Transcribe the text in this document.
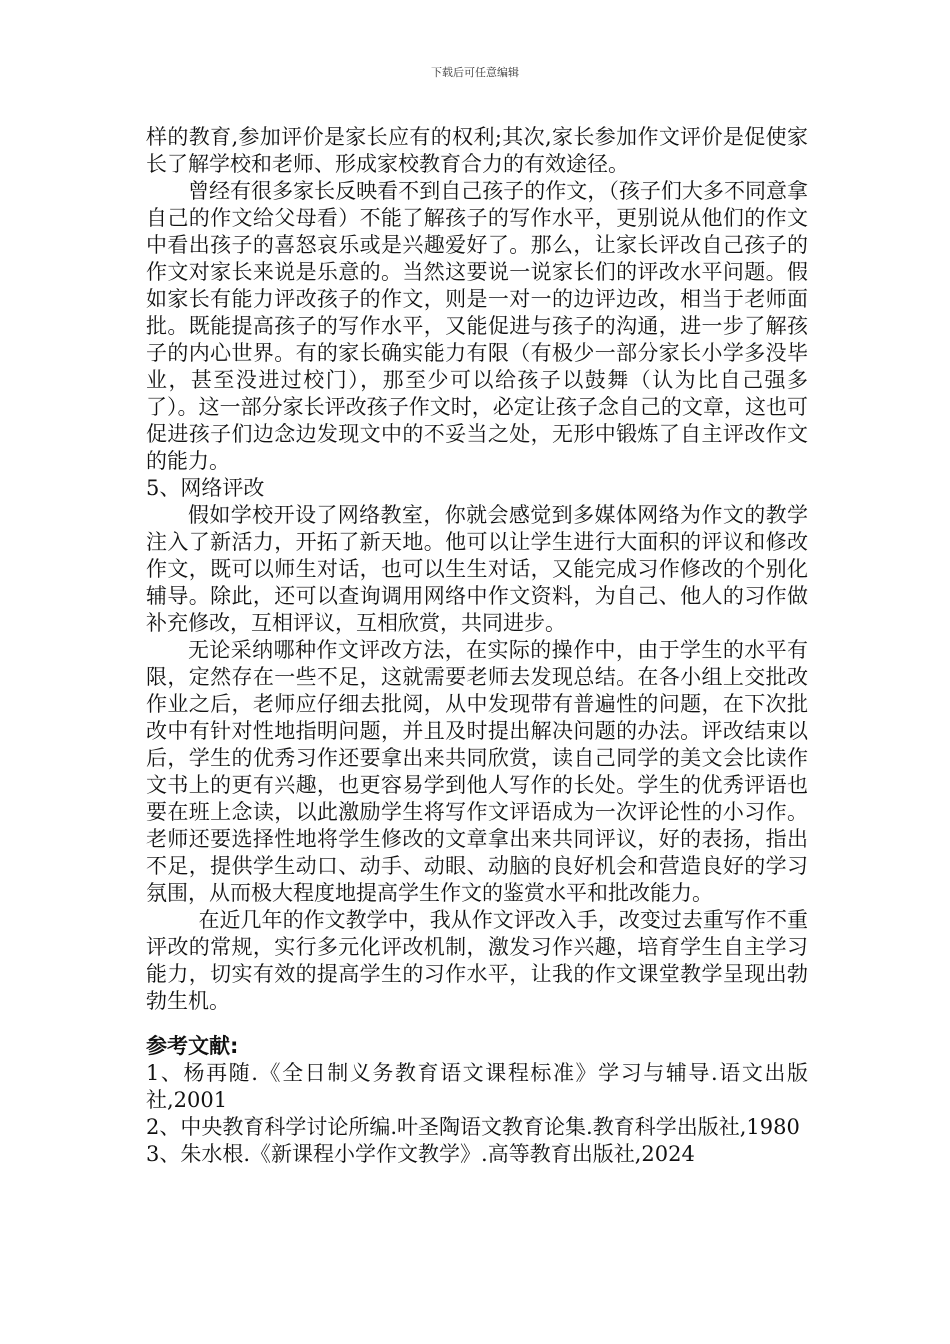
下载后可任意编辑

样的教育,参加评价是家长应有的权利;其次,家长参加作文评价是促使家长了解学校和老师、形成家校教育合力的有效途径。

曾经有很多家长反映看不到自己孩子的作文，（孩子们大多不同意拿自己的作文给父母看）不能了解孩子的写作水平，更别说从他们的作文中看出孩子的喜怒哀乐或是兴趣爱好了。那么，让家长评改自己孩子的作文对家长来说是乐意的。当然这要说一说家长们的评改水平问题。假如家长有能力评改孩子的作文，则是一对一的边评边改，相当于老师面批。既能提高孩子的写作水平，又能促进与孩子的沟通，进一步了解孩子的内心世界。有的家长确实能力有限（有极少一部分家长小学多没毕业，甚至没进过校门），那至少可以给孩子以鼓舞（认为比自己强多了）。这一部分家长评改孩子作文时，必定让孩子念自己的文章，这也可促进孩子们边念边发现文中的不妥当之处，无形中锻炼了自主评改作文的能力。

5、网络评改

假如学校开设了网络教室，你就会感觉到多媒体网络为作文的教学注入了新活力，开拓了新天地。他可以让学生进行大面积的评议和修改作文，既可以师生对话，也可以生生对话，又能完成习作修改的个别化辅导。除此，还可以查询调用网络中作文资料，为自己、他人的习作做补充修改，互相评议，互相欣赏，共同进步。

无论采纳哪种作文评改方法，在实际的操作中，由于学生的水平有限，定然存在一些不足，这就需要老师去发现总结。在各小组上交批改作业之后，老师应仔细去批阅，从中发现带有普遍性的问题，在下次批改中有针对性地指明问题，并且及时提出解决问题的办法。评改结束以后，学生的优秀习作还要拿出来共同欣赏，读自己同学的美文会比读作文书上的更有兴趣，也更容易学到他人写作的长处。学生的优秀评语也要在班上念读，以此激励学生将写作文评语成为一次评论性的小习作。老师还要选择性地将学生修改的文章拿出来共同评议，好的表扬，指出不足，提供学生动口、动手、动眼、动脑的良好机会和营造良好的学习氛围，从而极大程度地提高学生作文的鉴赏水平和批改能力。

在近几年的作文教学中，我从作文评改入手，改变过去重写作不重评改的常规，实行多元化评改机制，激发习作兴趣，培育学生自主学习能力，切实有效的提高学生的习作水平，让我的作文课堂教学呈现出勃勃生机。

参考文献:

1、杨再随.《全日制义务教育语文课程标准》学习与辅导.语文出版社,2001

2、中央教育科学讨论所编.叶圣陶语文教育论集.教育科学出版社,1980

3、朱水根.《新课程小学作文教学》.高等教育出版社,2024
